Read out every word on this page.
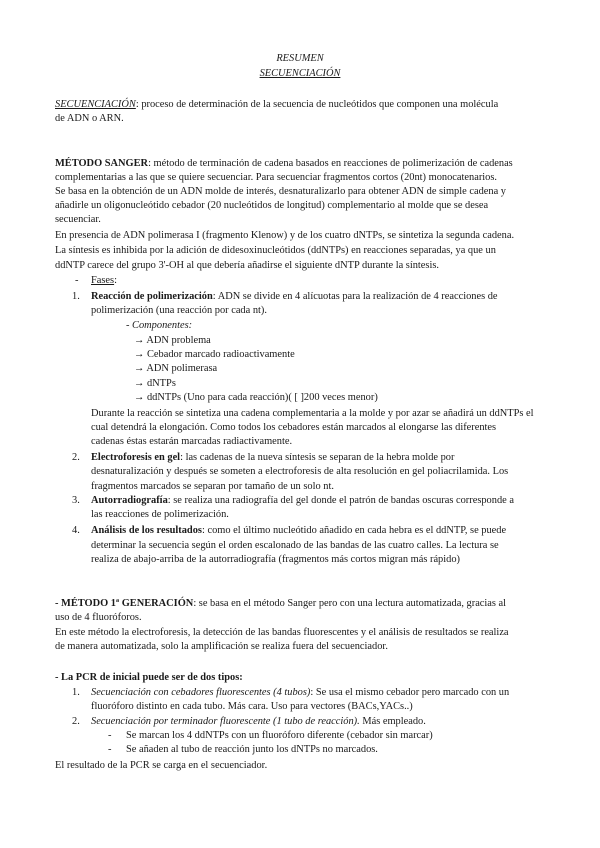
RESUMEN
SECUENCIACIÓN
SECUENCIACIÓN: proceso de determinación de la secuencia de nucleótidos que componen una molécula
de ADN o ARN.
MÉTODO SANGER: método de terminación de cadena basados en reacciones de polimerización de cadenas
complementarias a las que se quiere secuenciar. Para secuenciar fragmentos cortos (20nt) monocatenarios.
Se basa en la obtención de un ADN molde de interés, desnaturalizarlo para obtener ADN de simple cadena y
añadirle un oligonucleótido cebador (20 nucleótidos de longitud) complementario al molde que se desea
secuenciar.
En presencia de ADN polimerasa I (fragmento Klenow) y de los cuatro dNTPs, se sintetiza la segunda cadena.
La síntesis es inhibida por la adición de didesoxinucleótidos (ddNTPs) en reacciones separadas, ya que un
ddNTP carece del grupo 3'-OH al que debería añadirse el siguiente dNTP durante la síntesis.
- Fases:
1. Reacción de polimerización: ADN se divide en 4 alícuotas para la realización de 4 reacciones de
polimerización (una reacción por cada nt).
- Componentes:
→ ADN problema
→ Cebador marcado radioactivamente
→ ADN polimerasa
→ dNTPs
→ ddNTPs (Uno para cada reacción)( [ ]200 veces menor)
Durante la reacción se sintetiza una cadena complementaria a la molde y por azar se añadirá un ddNTPs el
cual detendrá la elongación. Como todos los cebadores están marcados al elongarse las diferentes
cadenas éstas estarán marcadas radiactivamente.
2. Electroforesis en gel: las cadenas de la nueva síntesis se separan de la hebra molde por
desnaturalización y después se someten a electroforesis de alta resolución en gel poliacrilamida. Los
fragmentos marcados se separan por tamaño de un solo nt.
3. Autorradiografía: se realiza una radiografía del gel donde el patrón de bandas oscuras corresponde a
las reacciones de polimerización.
4. Análisis de los resultados: como el último nucleótido añadido en cada hebra es el ddNTP, se puede
determinar la secuencia según el orden escalonado de las bandas de las cuatro calles. La lectura se
realiza de abajo-arriba de la autorradiografía (fragmentos más cortos migran más rápido)
- MÉTODO 1ª GENERACIÓN: se basa en el método Sanger pero con una lectura automatizada, gracias al
uso de 4 fluoróforos.
En este método la electroforesis, la detección de las bandas fluorescentes y el análisis de resultados se realiza
de manera automatizada, solo la amplificación se realiza fuera del secuenciador.
- La PCR de inicial puede ser de dos tipos:
1. Secuenciación con cebadores fluorescentes (4 tubos): Se usa el mismo cebador pero marcado con un
fluoróforo distinto en cada tubo. Más cara. Uso para vectores (BACs,YACs..)
2. Secuenciación por terminador fluorescente (1 tubo de reacción). Más empleado.
- Se marcan los 4 ddNTPs con un fluoróforo diferente (cebador sin marcar)
- Se añaden al tubo de reacción junto los dNTPs no marcados.
El resultado de la PCR se carga en el secuenciador.
